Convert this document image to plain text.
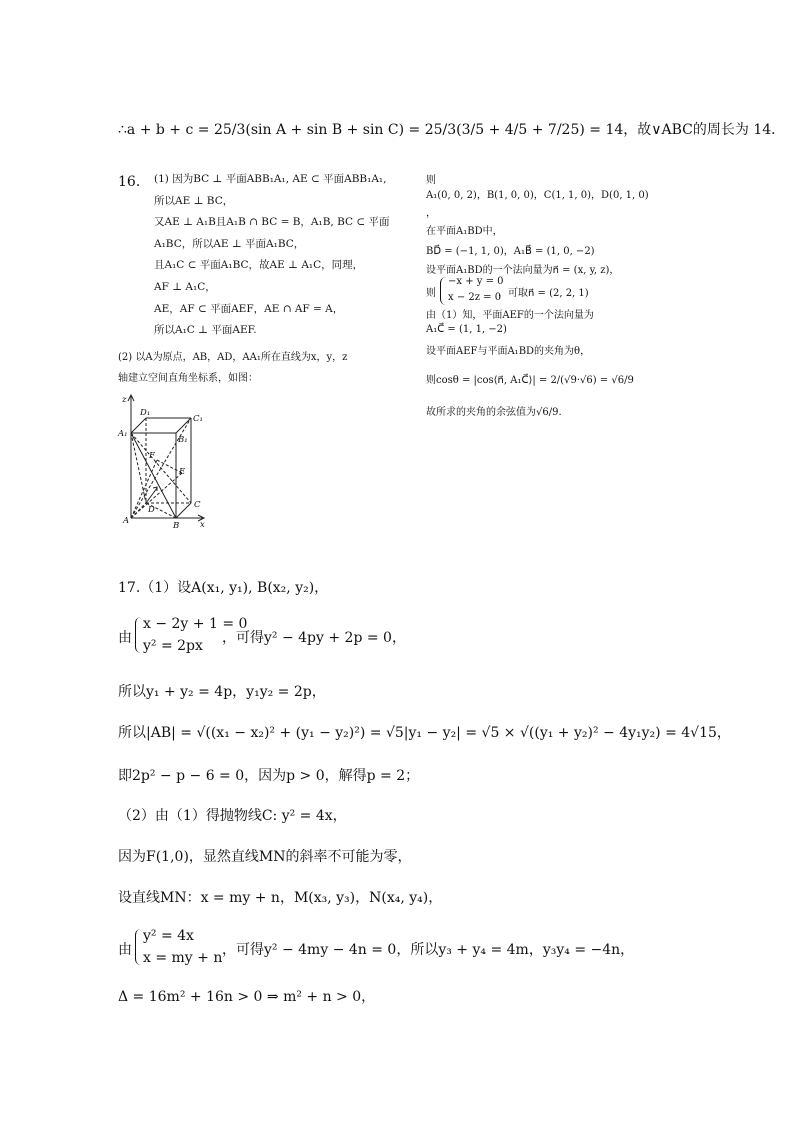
∴a + b + c = 25/3(sin A + sin B + sin C) = 25/3(3/5 + 4/5 + 7/25) = 14，故∨ABC的周长为 14．
16． (1) 因为BC ⊥ 平面ABB₁A₁, AE ⊂ 平面ABB₁A₁,
所以AE ⊥ BC，
又AE ⊥ A₁B且A₁B ∩ BC = B，A₁B, BC ⊂ 平面
A₁BC，所以AE ⊥ 平面A₁BC，
且A₁C ⊂ 平面A₁BC，故AE ⊥ A₁C，同理，
AF ⊥ A₁C，
AE，AF ⊂ 平面AEF，AE ∩ AF = A，
所以A₁C ⊥ 平面AEF.
(2) 以A为原点，AB，AD，AA₁所在直线为x，y，z
轴建立空间直角坐标系，如图：
z
D₁
C₁
A₁
B₁
F
E
D	C
A	B x
则
A₁(0, 0, 2)，B(1, 0, 0)，C(1, 1, 0)，D(0, 1, 0)
，
在平面A₁BD中，
BD⃗ = (−1, 1, 0)，A₁B⃗ = (1, 0, −2)
设平面A₁BD的一个法向量为n⃗ = (x, y, z)，
−x + y = 0
x − 2z = 0
则	，可取n⃗ = (2, 2, 1)
由（1）知，平面AEF的一个法向量为
A₁C⃗ = (1, 1, −2)
设平面AEF与平面A₁BD的夹角为θ，
则cosθ = |cos⟨n⃗, A₁C⃗⟩| = 2/(√9·√6) = √6/9
故所求的夹角的余弦值为√6/9.
17.（1）设A(x₁, y₁), B(x₂, y₂)，
x − 2y + 1 = 0
y² = 2px
由	，可得y² − 4py + 2p = 0，
所以y₁ + y₂ = 4p，y₁y₂ = 2p，
所以|AB| = √((x₁ − x₂)² + (y₁ − y₂)²) = √5|y₁ − y₂| = √5 × √((y₁ + y₂)² − 4y₁y₂) = 4√15，
即2p² − p − 6 = 0，因为p > 0，解得p = 2；
（2）由（1）得抛物线C: y² = 4x，
因为F(1,0)，显然直线MN的斜率不可能为零，
设直线MN：x = my + n，M(x₃, y₃)，N(x₄, y₄)，
y² = 4x
x = my + n
由	，可得y² − 4my − 4n = 0，所以y₃ + y₄ = 4m，y₃y₄ = −4n，
Δ = 16m² + 16n > 0 ⇒ m² + n > 0，
